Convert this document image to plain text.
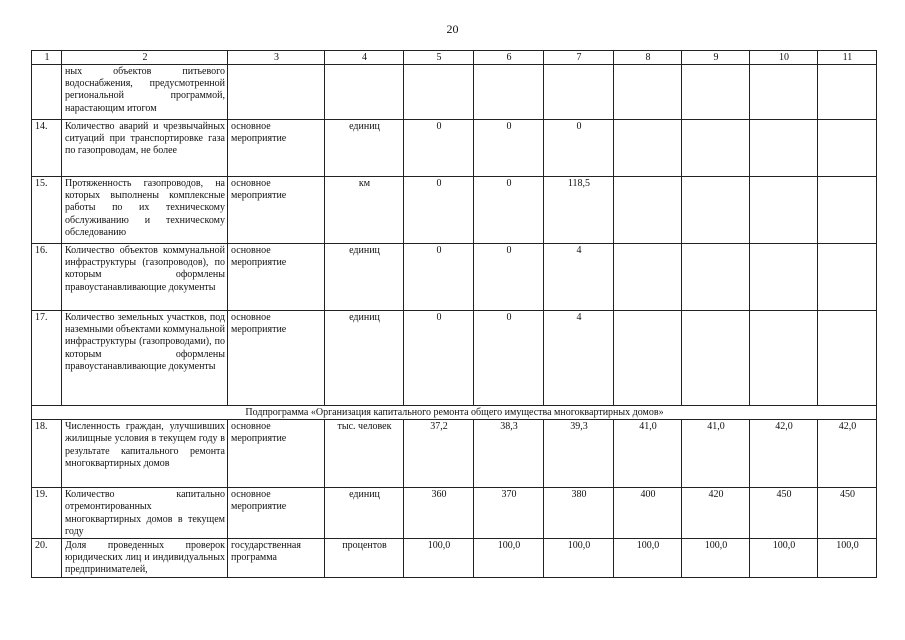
20
1	2	3	4	5	6	7	8	9	10	11
	ных объектов питьевого водоснабжения, предусмотренной региональной программой, нарастающим итогом									
14.	Количество аварий и чрезвычайных ситуаций при транспортировке газа по газопроводам, не более	основное мероприятие	единиц	0	0	0				
15.	Протяженность газопроводов, на которых выполнены комплексные работы по их техническому обслуживанию и техническому обследованию	основное мероприятие	км	0	0	118,5				
16.	Количество объектов коммунальной инфраструктуры (газопроводов), по которым оформлены правоустанавливающие документы	основное мероприятие	единиц	0	0	4				
17.	Количество земельных участков, под наземными объектами коммунальной инфраструктуры (газопроводами), по которым оформлены правоустанавливающие документы	основное мероприятие	единиц	0	0	4				
Подпрограмма «Организация капитального ремонта общего имущества многоквартирных домов»										
18.	Численность граждан, улучшивших жилищные условия в текущем году в результате капитального ремонта многоквартирных домов	основное мероприятие	тыс. человек	37,2	38,3	39,3	41,0	41,0	42,0	42,0
19.	Количество капитально отремонтированных многоквартирных домов в текущем году	основное мероприятие	единиц	360	370	380	400	420	450	450
20.	Доля проведенных проверок юридических лиц и индивидуальных предпринимателей,	государственная программа	процентов	100,0	100,0	100,0	100,0	100,0	100,0	100,0
